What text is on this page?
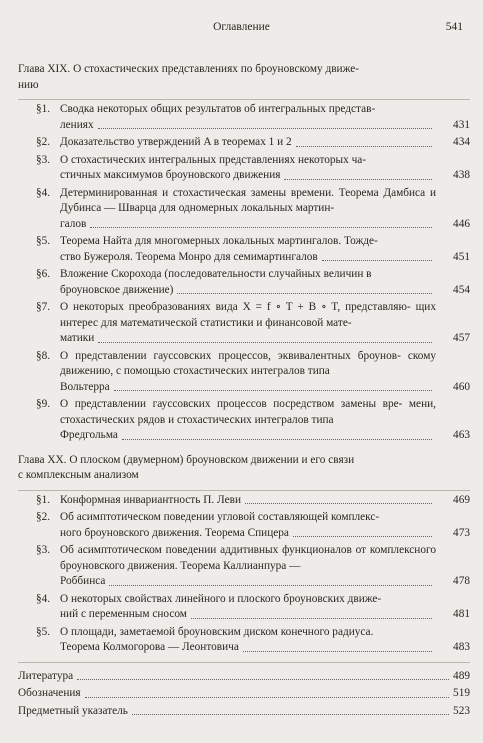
Оглавление	541
Глава XIX. О стохастических представлениях по броуновскому движе-
нию
§1. Сводка некоторых общих результатов об интегральных представ-
лениях	431
§2. Доказательство утверждений A в теоремах 1 и 2	434
§3. О стохастических интегральных представлениях некоторых ча-
стичных максимумов броуновского движения	438
§4. Детерминированная и стохастическая замены времени. Теорема Дамбиса и Дубинса — Шварца для одномерных локальных мартин-
галов	446
§5. Теорема Найта для многомерных локальных мартингалов. Тожде-
ство Бужероля. Теорема Монро для семимартингалов	451
§6. Вложение Скорохода (последовательности случайных величин в
броуновское движение)	454
§7. О некоторых преобразованиях вида X = f ∘ T + B ∘ T, представляю- щих интерес для математической статистики и финансовой мате-
матики	457
§8. О представлении гауссовских процессов, эквивалентных броунов- скому движению, с помощью стохастических интегралов типа
Вольтерра	460
§9. О представлении гауссовских процессов посредством замены вре- мени, стохастических рядов и стохастических интегралов типа
Фредгольма	463
Глава XX. О плоском (двумерном) броуновском движении и его связи
с комплексным анализом
§1. Конформная инвариантность П. Леви	469
§2. Об асимптотическом поведении угловой составляющей комплекс-
ного броуновского движения. Теорема Спицера	473
§3. Об асимптотическом поведении аддитивных функционалов от комплексного броуновского движения. Теорема Каллианпура —
Роббинса	478
§4. О некоторых свойствах линейного и плоского броуновских движе-
ний с переменным сносом	481
§5. О площади, заметаемой броуновским диском конечного радиуса.
Теорема Колмогорова — Леонтовича	483
Литература	489
Обозначения	519
Предметный указатель	523
